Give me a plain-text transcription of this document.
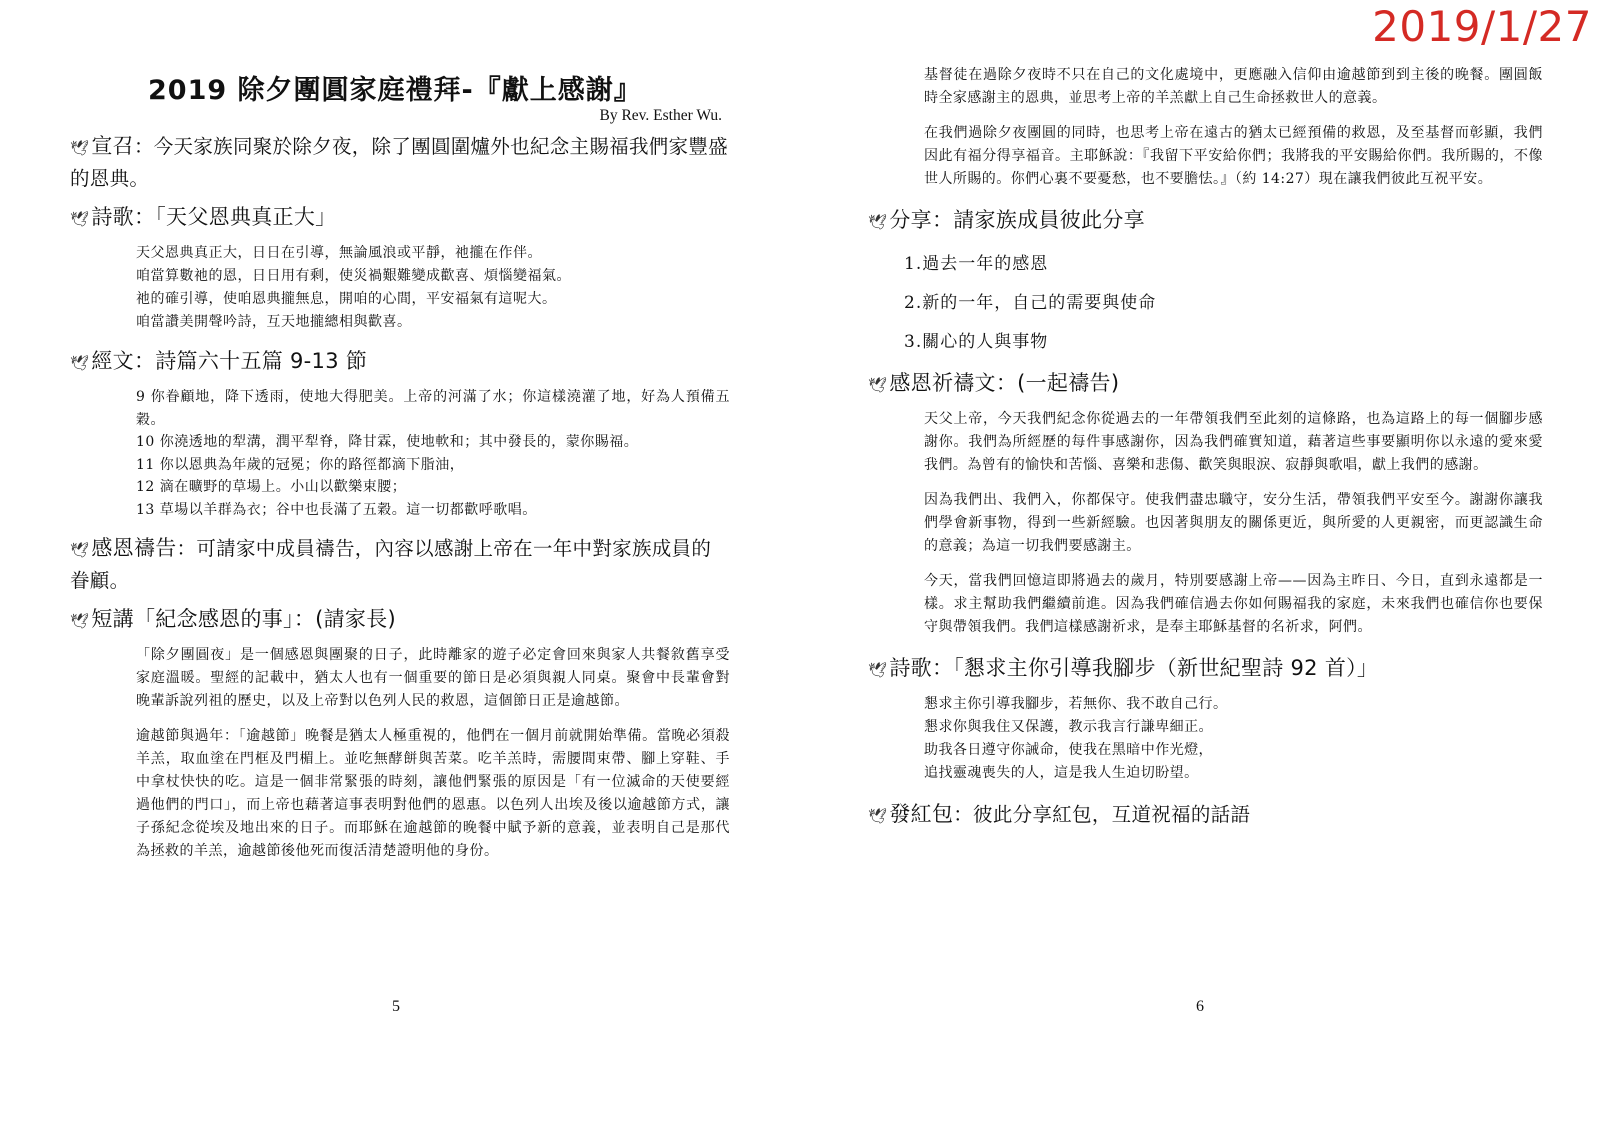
2019/1/27
2019 除夕團圓家庭禮拜-『獻上感謝』
By Rev. Esther Wu.
🕊宣召：今天家族同聚於除夕夜，除了團圓圍爐外也紀念主賜福我們家豐盛的恩典。
🕊詩歌：「天父恩典真正大」

天父恩典真正大，日日在引導，無論風浪或平靜，祂攏在作伴。

咱當算數祂的恩，日日用有剩，使災禍艱難變成歡喜、煩惱變福氣。

祂的確引導，使咱恩典攏無息，開咱的心間，平安福氣有這呢大。

咱當讚美開聲吟詩，互天地攏總相與歡喜。

🕊經文：詩篇六十五篇 9-13 節

9 你眷顧地，降下透雨，使地大得肥美。上帝的河滿了水；你這樣澆灌了地，好為人預備五穀。

10 你澆透地的犁溝，潤平犁脊，降甘霖，使地軟和；其中發長的，蒙你賜福。

11 你以恩典為年歲的冠冕；你的路徑都滴下脂油，

12 滴在曠野的草場上。小山以歡樂束腰；

13 草場以羊群為衣；谷中也長滿了五穀。這一切都歡呼歌唱。

🕊感恩禱告：可請家中成員禱告，內容以感謝上帝在一年中對家族成員的眷顧。
🕊短講「紀念感恩的事」：(請家長)

「除夕團圓夜」是一個感恩與團聚的日子，此時離家的遊子必定會回來與家人共餐敘舊享受家庭溫暖。聖經的記載中，猶太人也有一個重要的節日是必須與親人同桌。聚會中長輩會對晚輩訴說列祖的歷史，以及上帝對以色列人民的救恩，這個節日正是逾越節。

逾越節與過年：「逾越節」晚餐是猶太人極重視的，他們在一個月前就開始準備。當晚必須殺羊羔，取血塗在門框及門楣上。並吃無酵餅與苦菜。吃羊羔時，需腰間束帶、腳上穿鞋、手中拿杖快快的吃。這是一個非常緊張的時刻，讓他們緊張的原因是「有一位滅命的天使要經過他們的門口」，而上帝也藉著這事表明對他們的恩惠。以色列人出埃及後以逾越節方式，讓子孫紀念從埃及地出來的日子。而耶穌在逾越節的晚餐中賦予新的意義，並表明自己是那代為拯救的羊羔，逾越節後他死而復活清楚證明他的身份。

5

基督徒在過除夕夜時不只在自己的文化處境中，更應融入信仰由逾越節到到主後的晚餐。團圓飯時全家感謝主的恩典，並思考上帝的羊羔獻上自己生命拯救世人的意義。

在我們過除夕夜團圓的同時，也思考上帝在遠古的猶太已經預備的救恩，及至基督而彰顯，我們因此有福分得享福音。主耶穌說：『我留下平安給你們；我將我的平安賜給你們。我所賜的，不像世人所賜的。你們心裏不要憂愁，也不要膽怯。』（約 14:27）現在讓我們彼此互祝平安。

🕊分享：請家族成員彼此分享
1.過去一年的感恩
2.新的一年，自己的需要與使命
3.關心的人與事物
🕊感恩祈禱文：(一起禱告)

天父上帝，今天我們紀念你從過去的一年帶領我們至此刻的這條路，也為這路上的每一個腳步感謝你。我們為所經歷的每件事感謝你，因為我們確實知道，藉著這些事要顯明你以永遠的愛來愛我們。為曾有的愉快和苦惱、喜樂和悲傷、歡笑與眼淚、寂靜與歌唱，獻上我們的感謝。

因為我們出、我們入，你都保守。使我們盡忠職守，安分生活，帶領我們平安至今。謝謝你讓我們學會新事物，得到一些新經驗。也因著與朋友的關係更近，與所愛的人更親密，而更認識生命的意義；為這一切我們要感謝主。

今天，當我們回憶這即將過去的歲月，特別要感謝上帝——因為主昨日、今日，直到永遠都是一樣。求主幫助我們繼續前進。因為我們確信過去你如何賜福我的家庭，未來我們也確信你也要保守與帶領我們。我們這樣感謝祈求，是奉主耶穌基督的名祈求，阿們。

🕊詩歌：「懇求主你引導我腳步（新世紀聖詩 92 首）」

懇求主你引導我腳步，若無你、我不敢自己行。

懇求你與我住又保護，教示我言行謙卑細正。

助我各日遵守你誡命，使我在黑暗中作光燈，

追找靈魂喪失的人，這是我人生迫切盼望。

🕊發紅包：彼此分享紅包，互道祝福的話語
6
